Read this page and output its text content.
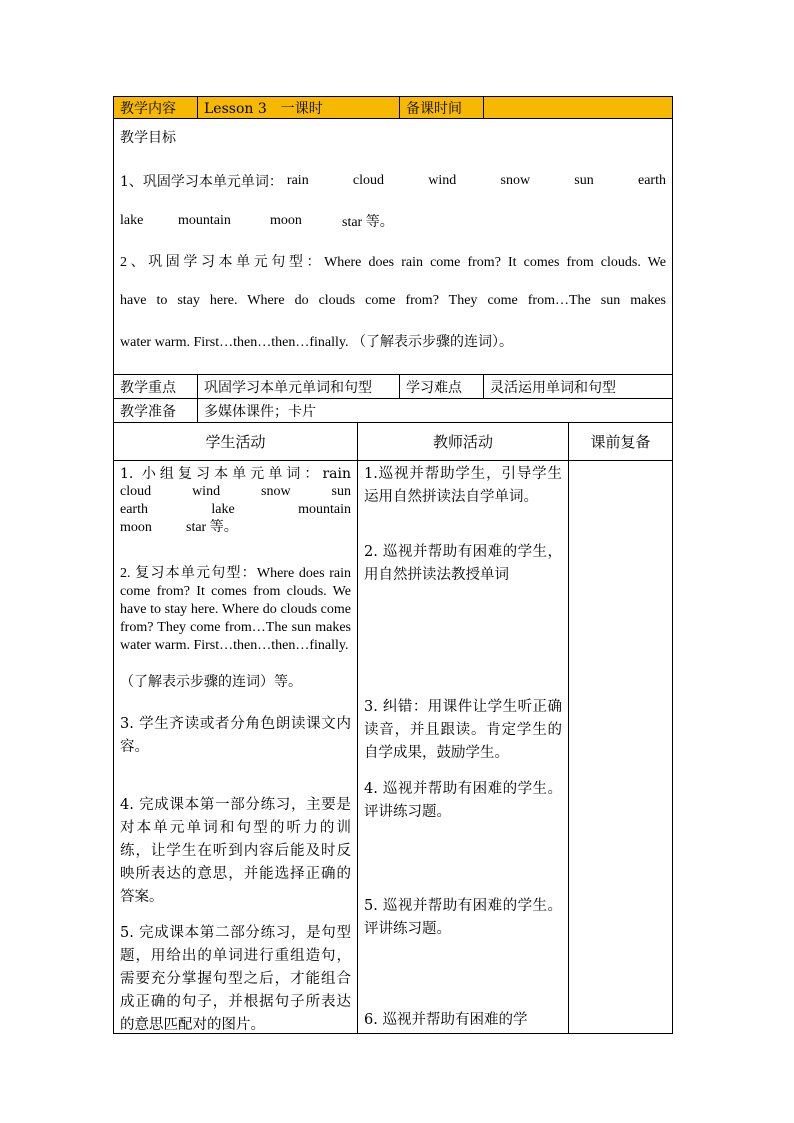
教学内容	Lesson 3　一课时	备课时间

教学目标

1、巩固学习本单元单词： rain	cloud	wind	snow	sun	earth
lake	mountain	moon	star 等。
2、巩固学习本单元句型：Where does rain come from? It comes from clouds. We
have to stay here. Where do clouds come from? They come from…The sun makes
water warm. First…then…then…finally. （了解表示步骤的连词）。
教学重点	巩固学习本单元单词和句型	学习难点	灵活运用单词和句型
教学准备	多媒体课件；卡片
学生活动	教师活动	课前复备
1. 小组复习本单元单词：rain
cloud	wind	snow	sun
earth	lake	mountain
moon star 等。
2. 复习本单元句型：Where does rain come from? It comes from clouds. We have to stay here. Where do clouds come from? They come from…The sun makes water warm. First…then…then…finally.
（了解表示步骤的连词）等。
3. 学生齐读或者分角色朗读课文内容。
4. 完成课本第一部分练习，主要是对本单元单词和句型的听力的训练，让学生在听到内容后能及时反映所表达的意思，并能选择正确的答案。
5. 完成课本第二部分练习，是句型题，用给出的单词进行重组造句，需要充分掌握句型之后，才能组合成正确的句子，并根据句子所表达的意思匹配对的图片。
1.巡视并帮助学生，引导学生运用自然拼读法自学单词。
2. 巡视并帮助有困难的学生，用自然拼读法教授单词
3. 纠错：用课件让学生听正确读音，并且跟读。肯定学生的自学成果，鼓励学生。
4. 巡视并帮助有困难的学生。评讲练习题。
5. 巡视并帮助有困难的学生。评讲练习题。
6. 巡视并帮助有困难的学
